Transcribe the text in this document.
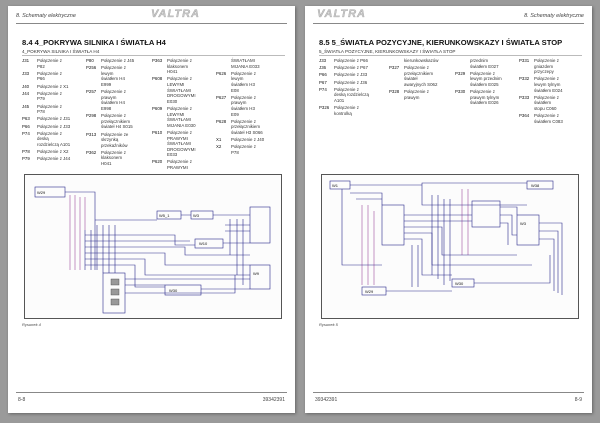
VALTRA
8. Schematy elektryczne
8.4 4_POKRYWA SILNIKA I ŚWIATŁA H4
4_POKRYWA SILNIKA I ŚWIATŁA H4
J31	Połączenie z
P82
J33	Połączenie z
P66
J40	Połączenie z X1
J44	Połączenie z
P79
J45	Połączenie z
P78
P63	Połączenie z J31
P66	Połączenie z J33
P74	Połączenie z
deską
rozdzielczą A101
P78	Połączenie z X2
P79	Połączenie z J44
P80	Połączenie z J45
P256	Połączenie z
lewym
światłem H4
E999
P257	Połączenie z
prawym
światłem H4
E998
P298	Połączenie z
przełącznikiem
świateł H4 S015
P313	Połączenie ze
skrzynką
przekaźników
P362	Połączenie z
klaksonem
H041
P363	Połączenie z
klaksonem
H041
P608	Połączenie z
LEWYMI
ŚWIATŁAMI
DROGOWYMI
E030
P609	Połączenie z
LEWYMI
ŚWIATŁAMI
MIJANIA E030
P610	Połączenie z
PRAWYMI
ŚWIATŁAMI
DROGOWYMI
E033
P620	Połączenie z
PRAWYMI
ŚWIATŁAMI
MIJANIA E033
P626	Połączenie z
lewym
światłem H3
E08
P627	Połączenie z
prawym
światłem H3
E09
P628	Połączenie z
przełącznikiem
świateł H3 S066
X1	Połączenie z J40
X2	Połączenie z
P78
W29
W5_1	W3
W10
W9
W30
Rysunek 4
8-8	39342391
VALTRA	8. Schematy elektryczne
8.5 5_ŚWIATŁA POZYCYJNE, KIERUNKOWSKAZY I ŚWIATŁA STOP
5_ŚWIATŁA POZYCYJNE, KIERUNKOWSKAZY I ŚWIATŁA STOP
J33	Połączenie z P66
J36	Połączenie z P67
P66	Połączenie z J33
P67	Połączenie z J36
P74	Połączenie z
deską rozdzielczą
A101
P326	Połączenie z
kontrolką
kierunkowskazów
P327	Połączenie z
przełącznikiem
świateł
awaryjnych S062
P328	Połączenie z
prawym
przednim
światłem E027
P329	Połączenie z
lewym przednim
światłem E025
P330	Połączenie z
prawym tylnym
światłem E026
P331	Połączenie z
gniazdem
przyczepy
P332	Połączenie z
lewym tylnym
światłem E024
P333	Połączenie z
światłem
stopu C060
P364	Połączenie z
światłem C083
W1	W38
W3
W29
W30
Rysunek 5
39342391	8-9
